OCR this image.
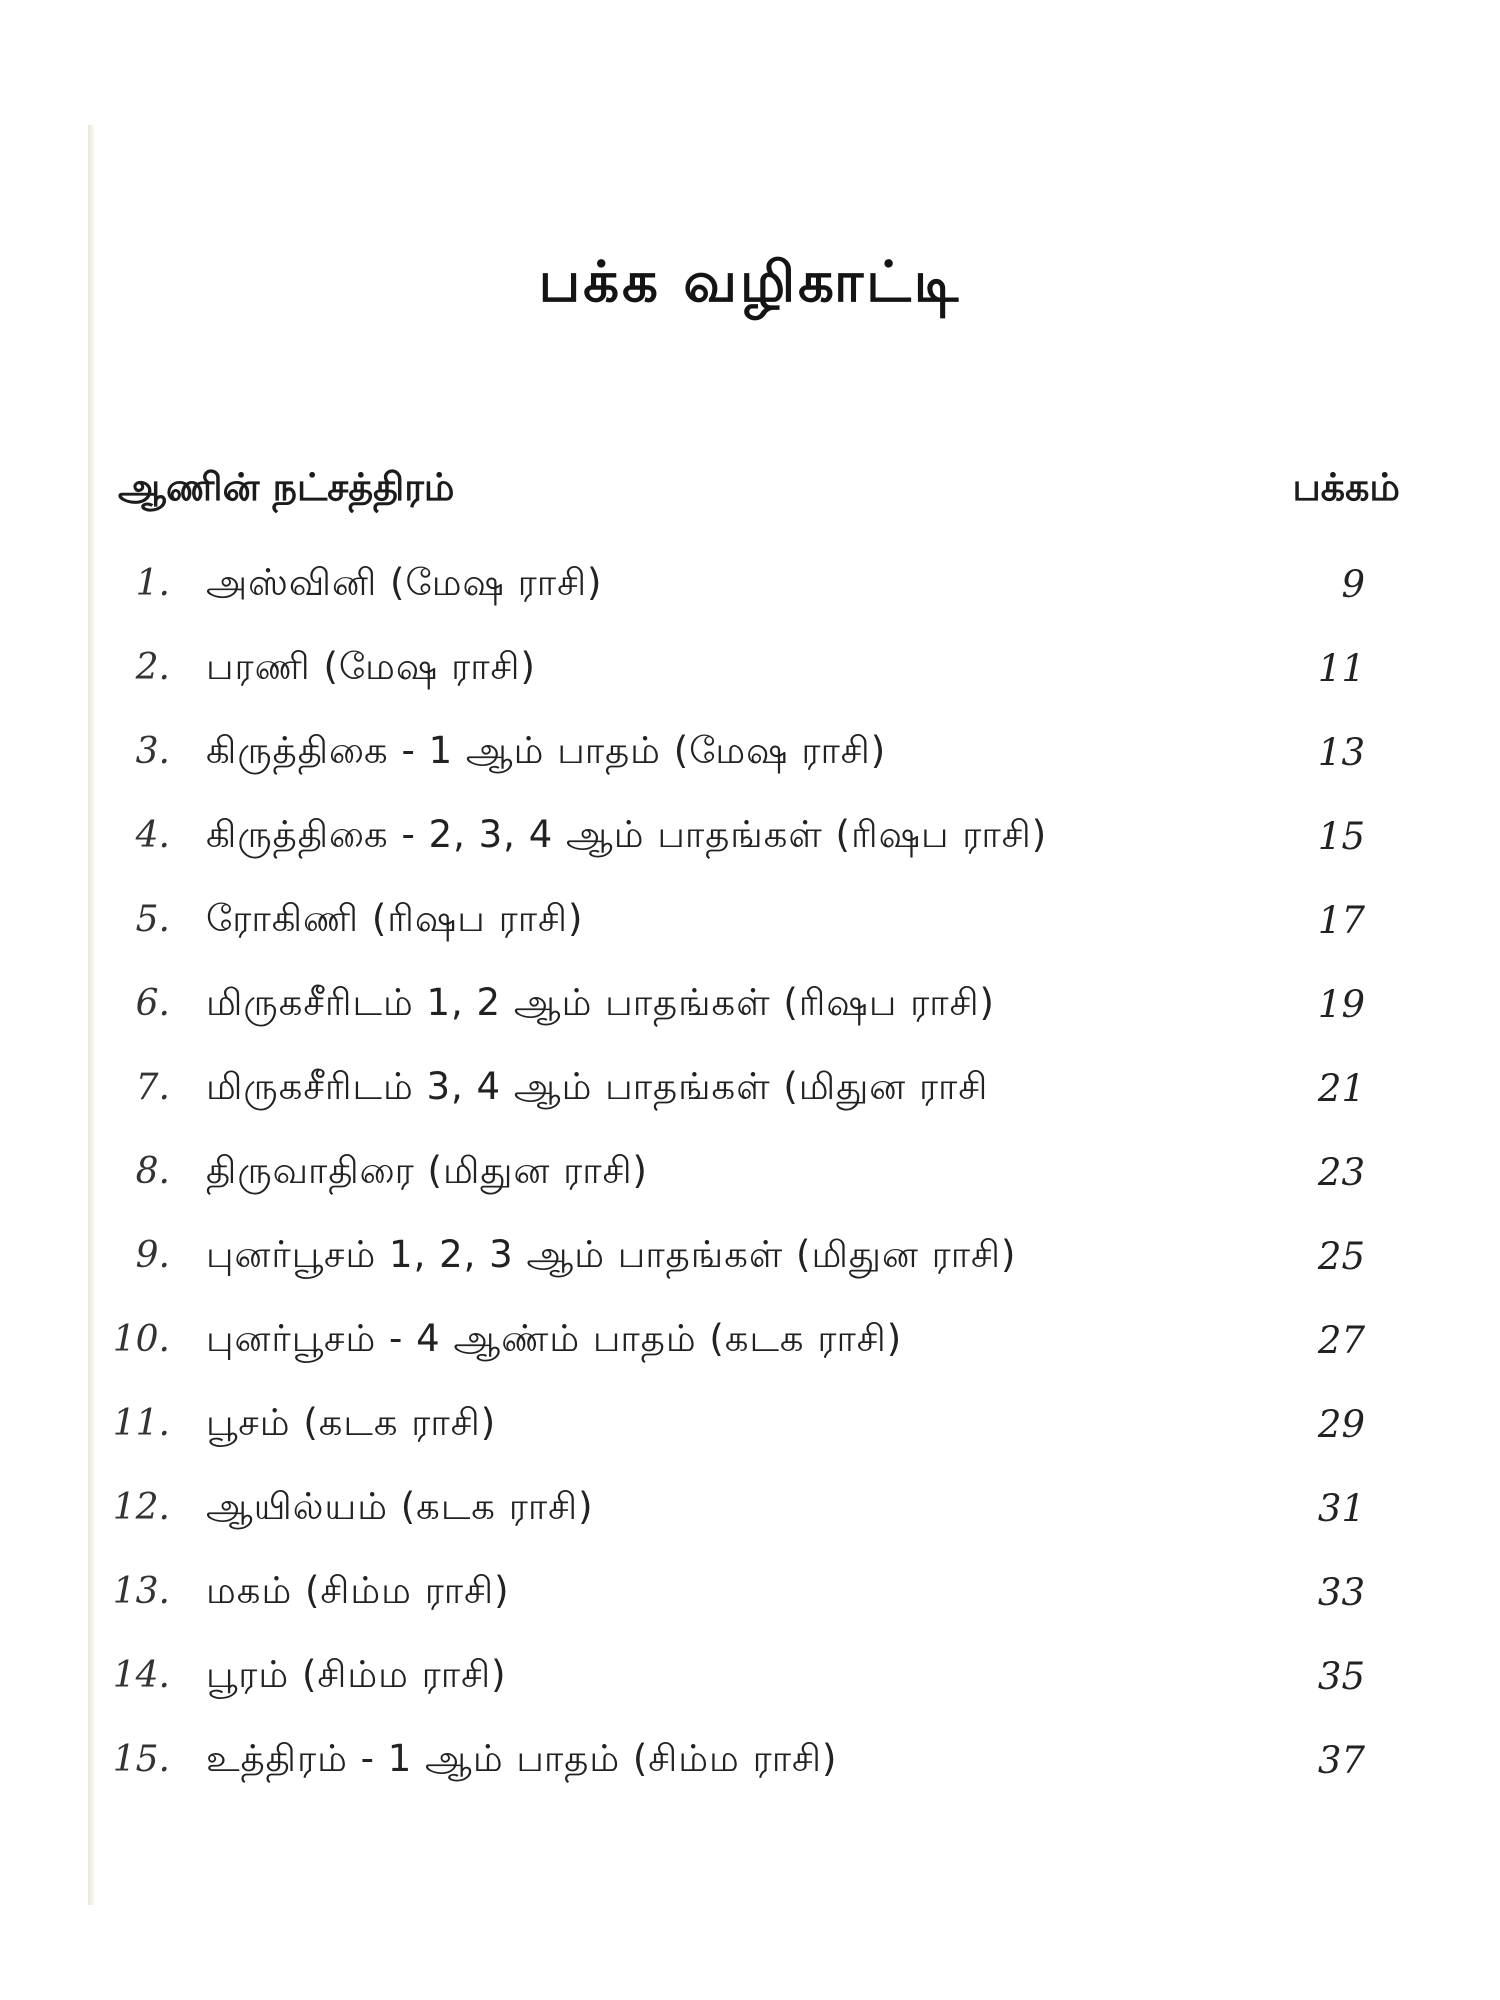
பக்க வழிகாட்டி
ஆணின் நட்சத்திரம்	பக்கம்
1. அஸ்வினி (மேஷ ராசி)	9
2. பரணி (மேஷ ராசி)	11
3. கிருத்திகை - 1 ஆம் பாதம் (மேஷ ராசி)	13
4. கிருத்திகை - 2, 3, 4 ஆம் பாதங்கள் (ரிஷப ராசி)	15
5. ரோகிணி (ரிஷப ராசி)	17
6. மிருகசீரிடம் 1, 2 ஆம் பாதங்கள் (ரிஷப ராசி)	19
7. மிருகசீரிடம் 3, 4 ஆம் பாதங்கள் (மிதுன ராசி	21
8. திருவாதிரை (மிதுன ராசி)	23
9. புனர்பூசம் 1, 2, 3 ஆம் பாதங்கள் (மிதுன ராசி)	25
10. புனர்பூசம் - 4 ஆண்ம் பாதம் (கடக ராசி)	27
11. பூசம் (கடக ராசி)	29
12. ஆயில்யம் (கடக ராசி)	31
13. மகம் (சிம்ம ராசி)	33
14. பூரம் (சிம்ம ராசி)	35
15. உத்திரம் - 1 ஆம் பாதம் (சிம்ம ராசி)	37
